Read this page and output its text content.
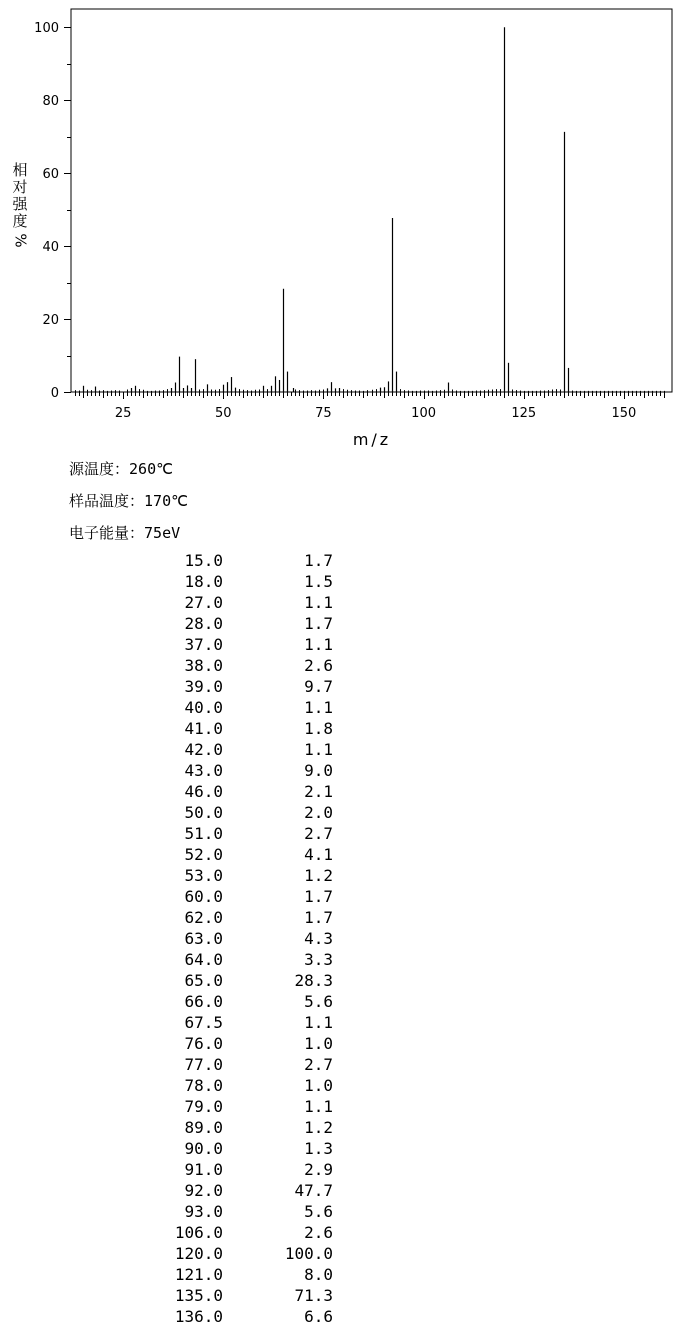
25	50	75	100	125	150
0
20
40
60
80
100
m/z
相
对
强
度
%
源温度：260℃
样品温度：170℃
电子能量：75eV
15.0	1.7
18.0	1.5
27.0	1.1
28.0	1.7
37.0	1.1
38.0	2.6
39.0	9.7
40.0	1.1
41.0	1.8
42.0	1.1
43.0	9.0
46.0	2.1
50.0	2.0
51.0	2.7
52.0	4.1
53.0	1.2
60.0	1.7
62.0	1.7
63.0	4.3
64.0	3.3
65.0	28.3
66.0	5.6
67.5	1.1
76.0	1.0
77.0	2.7
78.0	1.0
79.0	1.1
89.0	1.2
90.0	1.3
91.0	2.9
92.0	47.7
93.0	5.6
106.0	2.6
120.0	100.0
121.0	8.0
135.0	71.3
136.0	6.6
